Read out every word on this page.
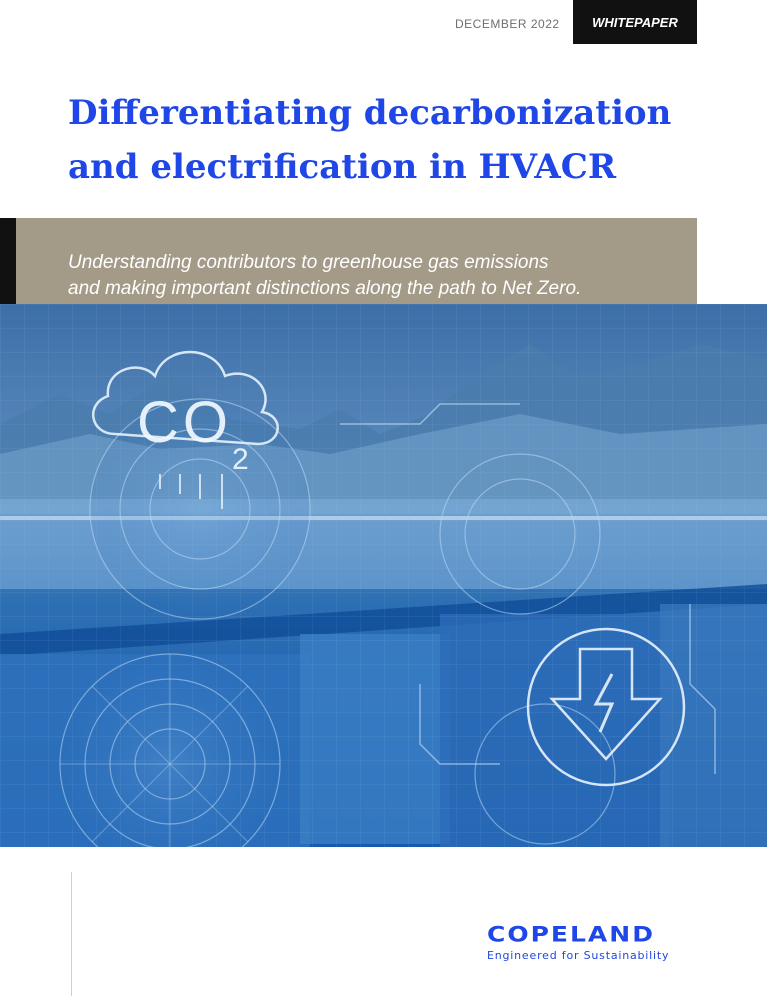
DECEMBER 2022	WHITEPAPER
Differentiating decarbonization
and electrification in HVACR
Understanding contributors to greenhouse gas emissions
and making important distinctions along the path to Net Zero.
CO
2
COPELAND
Engineered for Sustainability
